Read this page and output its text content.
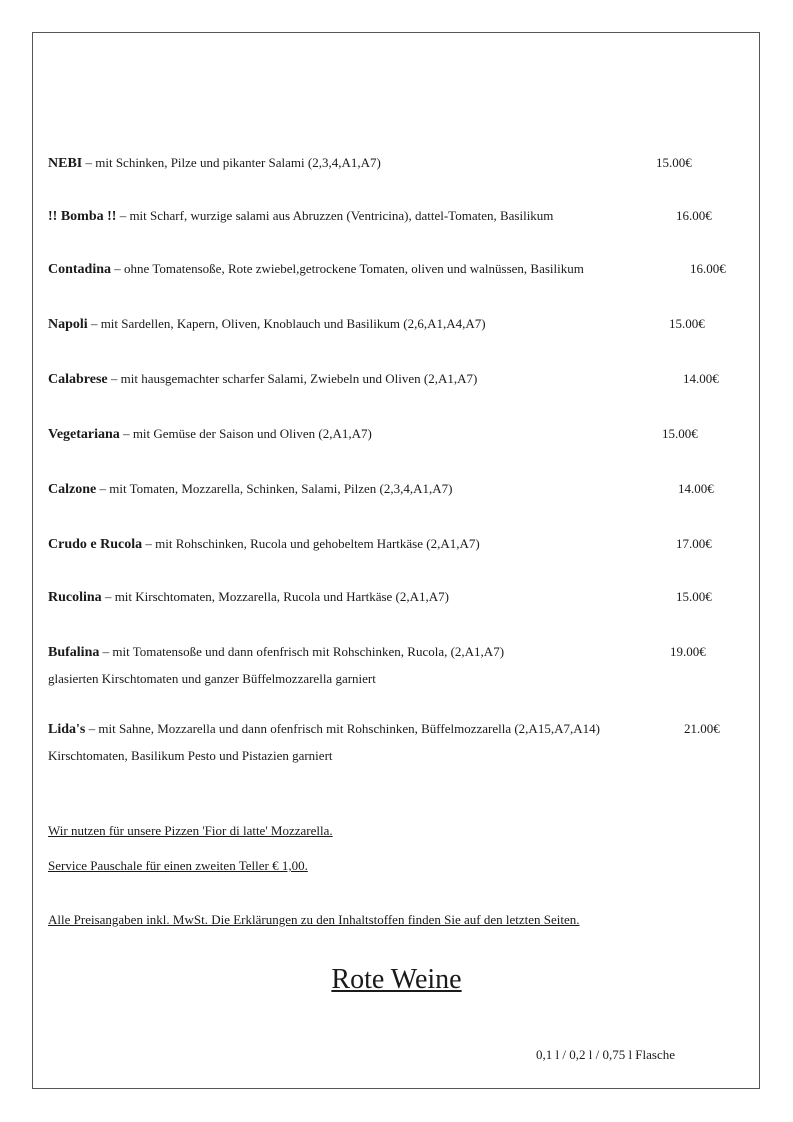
NEBI – mit Schinken, Pilze und pikanter Salami (2,3,4,A1,A7)	15.00€
!! Bomba !! – mit Scharf, wurzige salami aus Abruzzen (Ventricina), dattel-Tomaten, Basilikum	16.00€
Contadina – ohne Tomatensoße, Rote zwiebel,getrockene Tomaten, oliven und walnüssen, Basilikum	16.00€
Napoli – mit Sardellen, Kapern, Oliven, Knoblauch und Basilikum (2,6,A1,A4,A7)	15.00€
Calabrese – mit hausgemachter scharfer Salami, Zwiebeln und Oliven (2,A1,A7)	14.00€
Vegetariana – mit Gemüse der Saison und Oliven (2,A1,A7)	15.00€
Calzone – mit Tomaten, Mozzarella, Schinken, Salami, Pilzen (2,3,4,A1,A7)	14.00€
Crudo e Rucola – mit Rohschinken, Rucola und gehobeltem Hartkäse (2,A1,A7)	17.00€
Rucolina – mit Kirschtomaten, Mozzarella, Rucola und Hartkäse (2,A1,A7)	15.00€
Bufalina – mit Tomatensoße und dann ofenfrisch mit Rohschinken, Rucola, (2,A1,A7)
glasierten Kirschtomaten und ganzer Büffelmozzarella garniert
19.00€
Lida's – mit Sahne, Mozzarella und dann ofenfrisch mit Rohschinken, Büffelmozzarella (2,A15,A7,A14)
Kirschtomaten, Basilikum Pesto und Pistazien garniert
21.00€
Wir nutzen für unsere Pizzen 'Fior di latte' Mozzarella.
Service Pauschale für einen zweiten Teller € 1,00.
Alle Preisangaben inkl. MwSt. Die Erklärungen zu den Inhaltstoffen finden Sie auf den letzten Seiten.
Rote Weine
0,1 l / 0,2 l / 0,75 l Flasche
